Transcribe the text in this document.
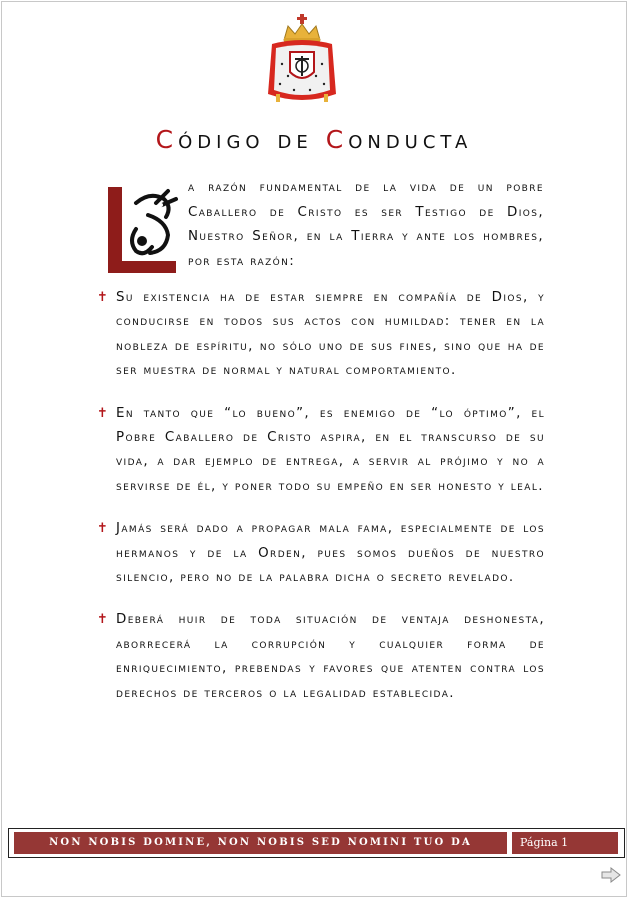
Código de Conducta
L	a razón fundamental de la vida de un pobre Caballero de Cristo es ser Testigo de Dios, Nuestro Señor, en la Tierra y ante los hombres, por esta razón:
✝ Su existencia ha de estar siempre en compañía de Dios, y conducirse en todos sus actos con humildad: tener en la nobleza de espíritu, no sólo uno de sus fines, sino que ha de ser muestra de normal y natural comportamiento.
✝ En tanto que “lo bueno”, es enemigo de “lo óptimo”, el Pobre Caballero de Cristo aspira, en el transcurso de su vida, a dar ejemplo de entrega, a servir al prójimo y no a servirse de él, y poner todo su empeño en ser honesto y leal.
✝ Jamás será dado a propagar mala fama, especialmente de los hermanos y de la Orden, pues somos dueños de nuestro silencio, pero no de la palabra dicha o secreto revelado.
✝ Deberá huir de toda situación de ventaja deshonesta, aborrecerá la corrupción y cualquier forma de enriquecimiento, prebendas y favores que atenten contra los derechos de terceros o la legalidad establecida.
NON NOBIS DOMINE, NON NOBIS SED NOMINI TUO DA GLORIAM
Página 1
